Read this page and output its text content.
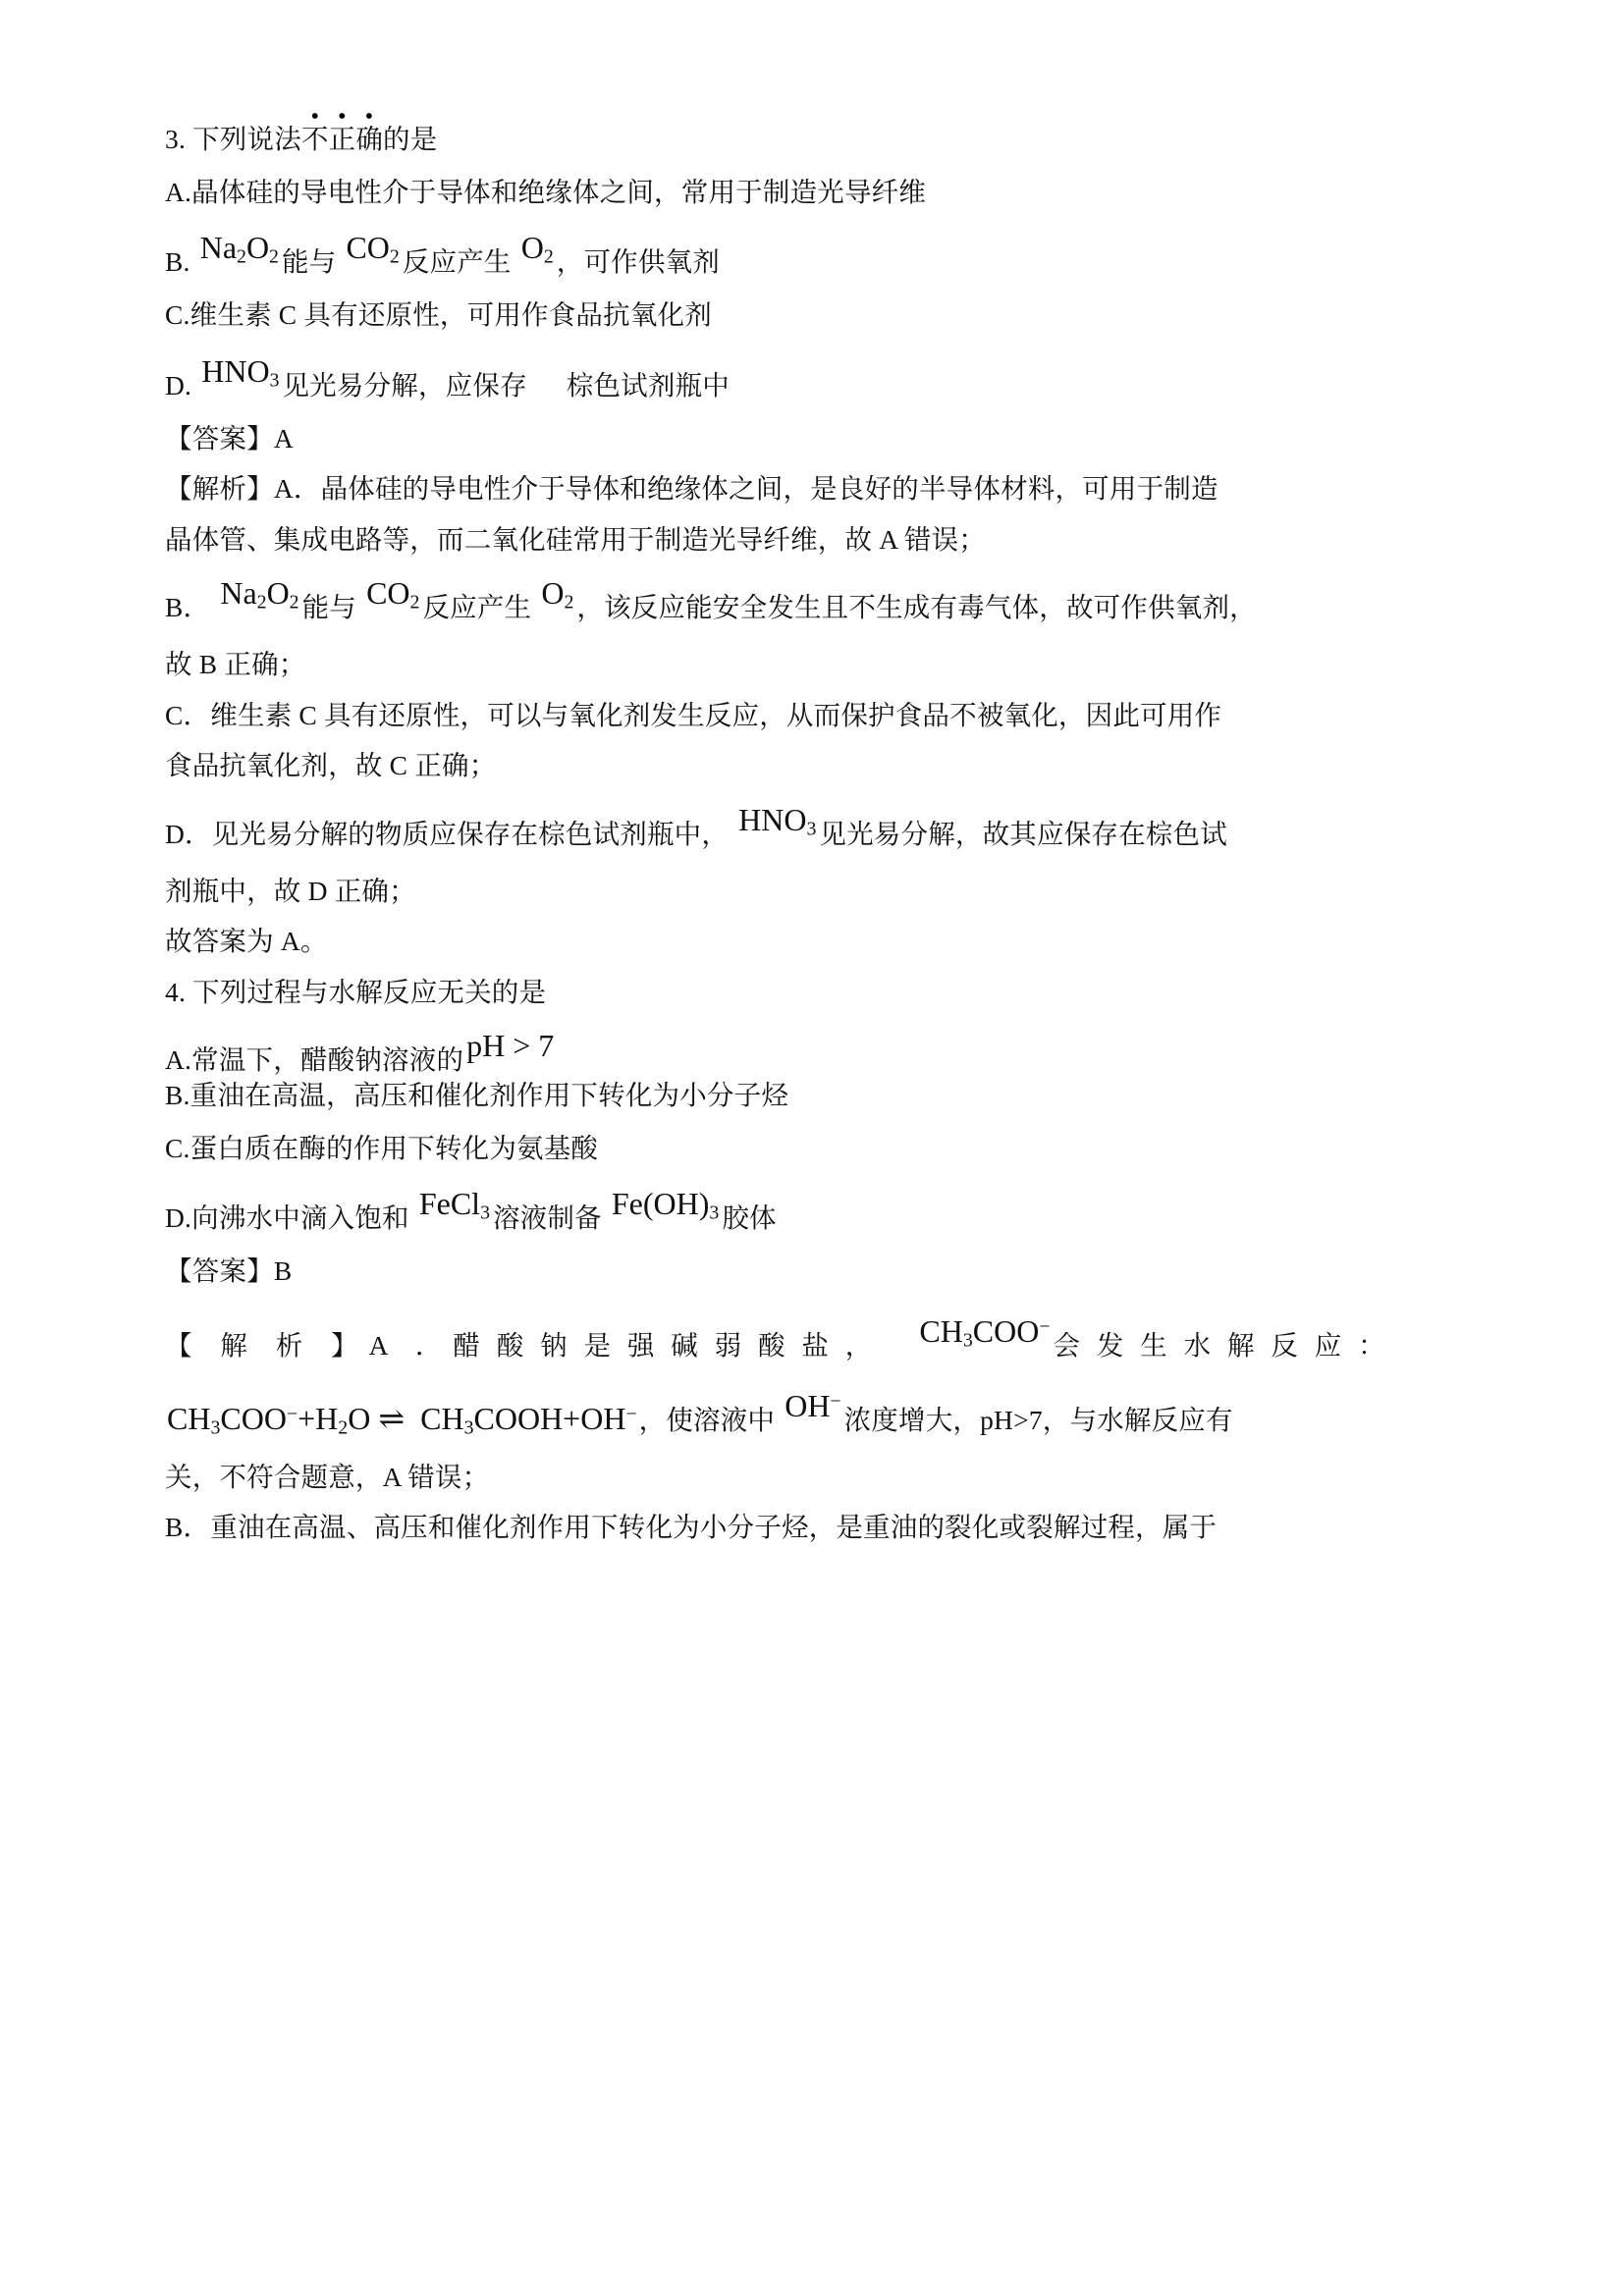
3. 下列说法不正确的是
A.晶体硅的导电性介于导体和绝缘体之间，常用于制造光导纤维
B. $Na_2O_2$ 能与 $CO_2$ 反应产生 $O_2$ ，可作供氧剂
C.维生素 C 具有还原性，可用作食品抗氧化剂
D. $HNO_3$ 见光易分解，应保存 棕色试剂瓶中
【答案】A
【解析】A．晶体硅的导电性介于导体和绝缘体之间，是良好的半导体材料，可用于制造
晶体管、集成电路等，而二氧化硅常用于制造光导纤维，故 A 错误；
B． $Na_2O_2$ 能与 $CO_2$ 反应产生 $O_2$ ，该反应能安全发生且不生成有毒气体，故可作供氧剂，
故 B 正确；
C．维生素 C 具有还原性，可以与氧化剂发生反应，从而保护食品不被氧化，因此可用作
食品抗氧化剂，故 C 正确；
D．见光易分解的物质应保存在棕色试剂瓶中， $HNO_3$ 见光易分解，故其应保存在棕色试
剂瓶中，故 D 正确；
故答案为 A。
4. 下列过程与水解反应无关的是
A.常温下，醋酸钠溶液的pH > 7
B.重油在高温，高压和催化剂作用下转化为小分子烃
C.蛋白质在酶的作用下转化为氨基酸
D.向沸水中滴入饱和 FeCl$_3$ 溶液制备 $Fe(OH)_3$ 胶体
【答案】B
【 解 析 】A ．醋 酸 钠 是 强 碱 弱 酸 盐 ， $CH_3COO^-$会 发 生 水 解 反 应 ：
$CH_3COO^-+H_2O$ ⇌ $CH_3COOH+OH^-$，使溶液中 OH−浓度增大，pH>7，与水解反应有
关，不符合题意，A 错误；
B．重油在高温、高压和催化剂作用下转化为小分子烃，是重油的裂化或裂解过程，属于
